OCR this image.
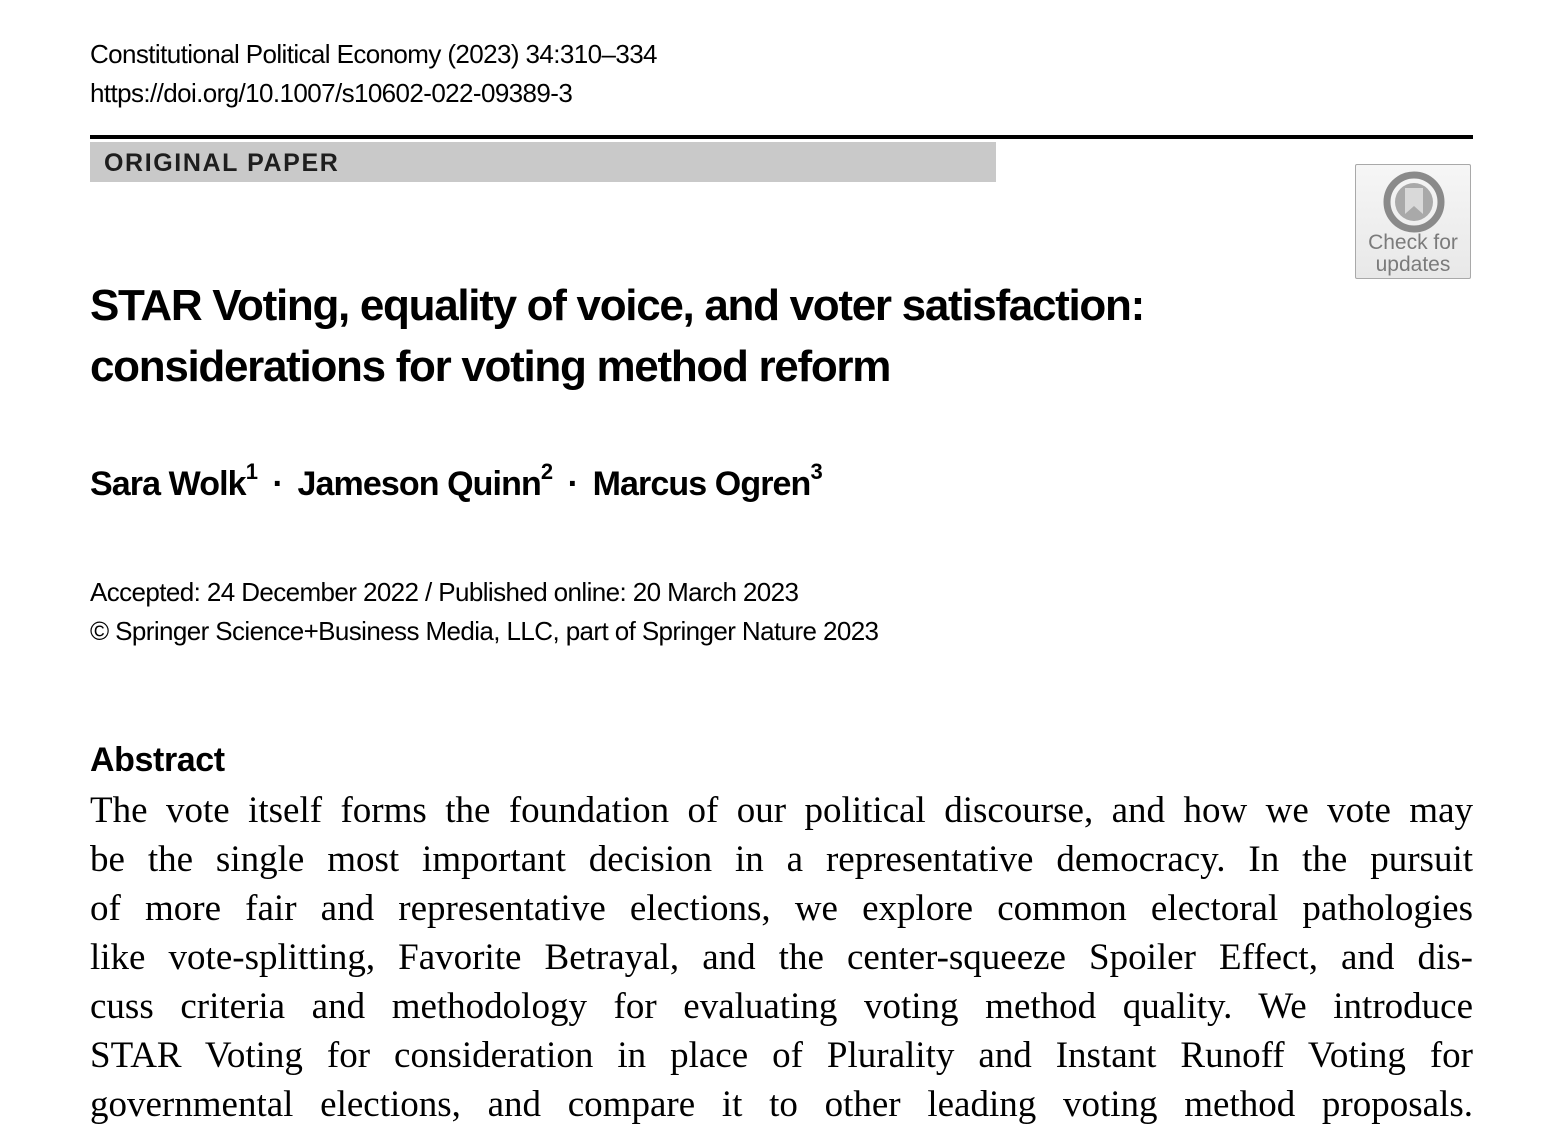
Constitutional Political Economy (2023) 34:310–334
https://doi.org/10.1007/s10602-022-09389-3
ORIGINAL PAPER
Check for
updates
STAR Voting, equality of voice, and voter satisfaction:
considerations for voting method reform
Sara Wolk$^1$ · Jameson Quinn$^2$ · Marcus Ogren$^3$
Accepted: 24 December 2022 / Published online: 20 March 2023
© Springer Science+Business Media, LLC, part of Springer Nature 2023
Abstract
The vote itself forms the foundation of our political discourse, and how we vote may
be the single most important decision in a representative democracy. In the pursuit
of more fair and representative elections, we explore common electoral pathologies
like vote-splitting, Favorite Betrayal, and the center-squeeze Spoiler Effect, and dis-
cuss criteria and methodology for evaluating voting method quality. We introduce
STAR Voting for consideration in place of Plurality and Instant Runoff Voting for
governmental elections, and compare it to other leading voting method proposals.
